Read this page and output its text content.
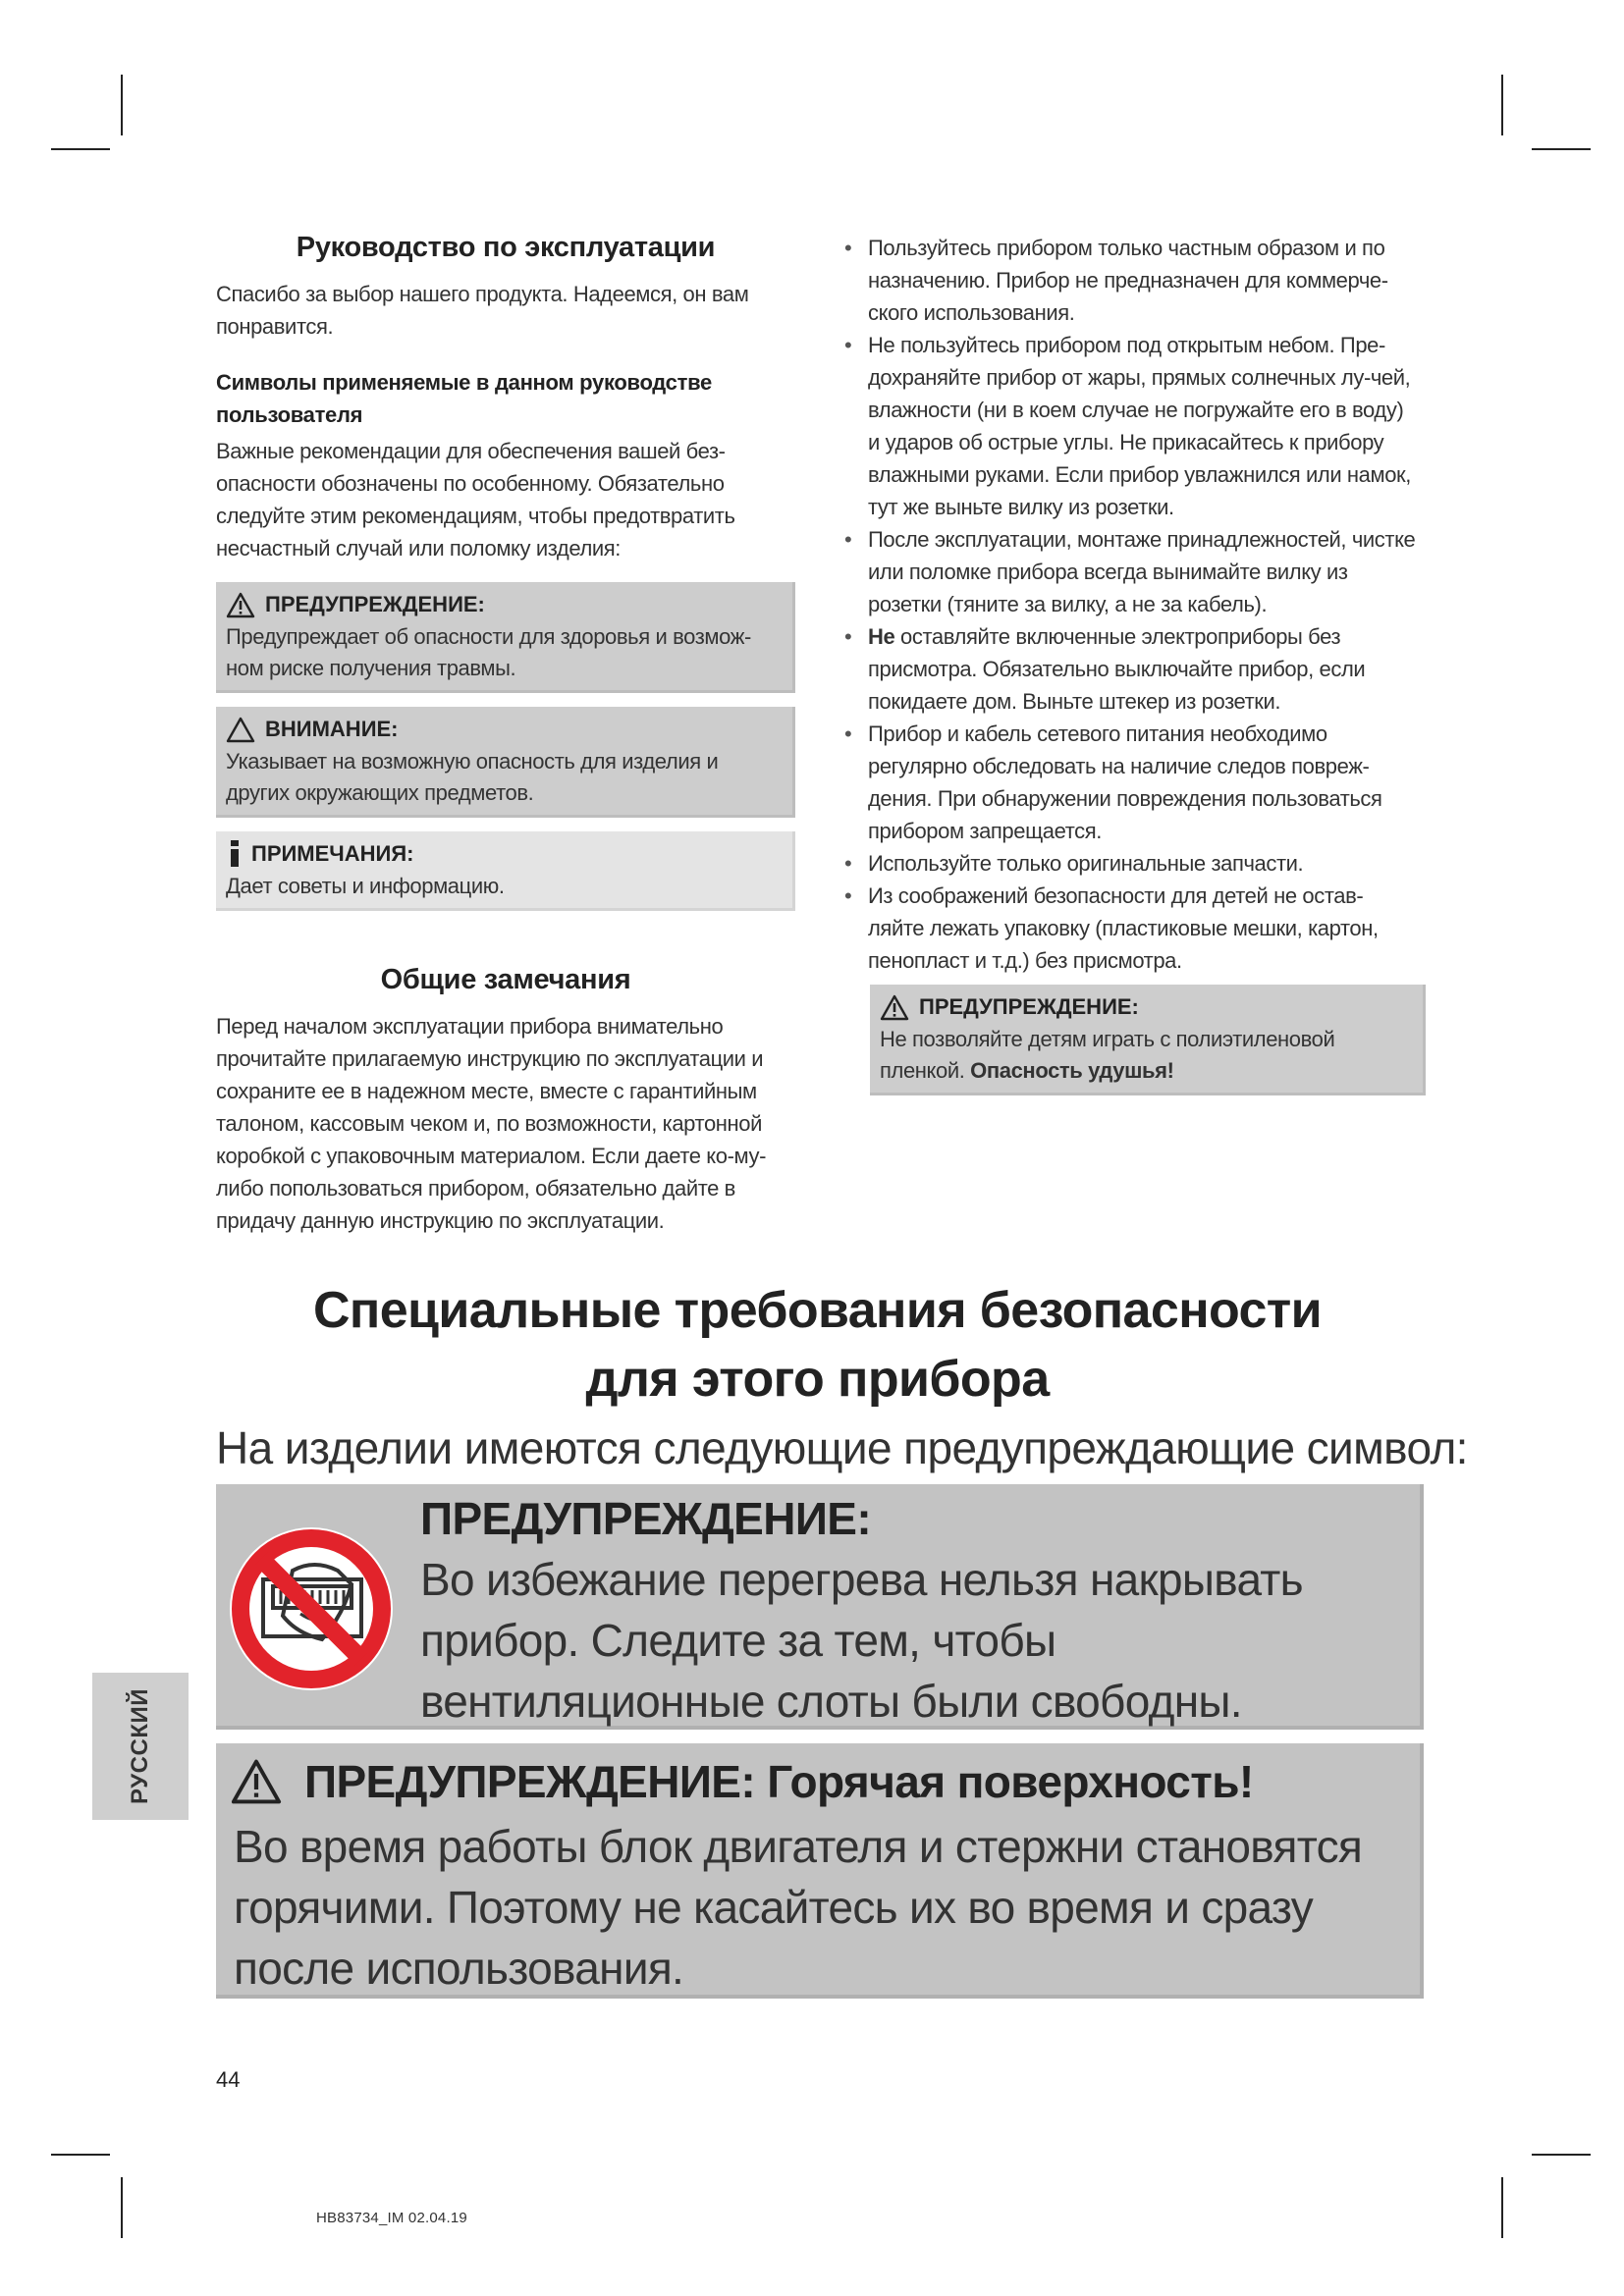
Руководство по эксплуатации

Спасибо за выбор нашего продукта. Надеемся, он вам понравится.

Символы применяемые в данном руководстве пользователя

Важные рекомендации для обеспечения вашей без-опасности обозначены по особенному. Обязательно следуйте этим рекомендациям, чтобы предотвратить несчастный случай или поломку изделия:

ПРЕДУПРЕЖДЕНИЕ:
Предупреждает об опасности для здоровья и возмож-ном риске получения травмы.
ВНИМАНИЕ:
Указывает на возможную опасность для изделия и других окружающих предметов.
ПРИМЕЧАНИЯ:
Дает советы и информацию.
Общие замечания

Перед началом эксплуатации прибора внимательно прочитайте прилагаемую инструкцию по эксплуатации и сохраните ее в надежном месте, вместе с гарантийным талоном, кассовым чеком и, по возможности, картонной коробкой с упаковочным материалом. Если даете ко-му-либо попользоваться прибором, обязательно дайте в придачу данную инструкцию по эксплуатации.

• Пользуйтесь прибором только частным образом и по назначению. Прибор не предназначен для коммерче-ского использования.
• Не пользуйтесь прибором под открытым небом. Пре-дохраняйте прибор от жары, прямых солнечных лу-чей, влажности (ни в коем случае не погружайте его в воду) и ударов об острые углы. Не прикасайтесь к прибору влажными руками. Если прибор увлажнился или намок, тут же выньте вилку из розетки.
• После эксплуатации, монтаже принадлежностей, чистке или поломке прибора всегда вынимайте вилку из розетки (тяните за вилку, а не за кабель).
• Не оставляйте включенные электроприборы без присмотра. Обязательно выключайте прибор, если покидаете дом. Выньте штекер из розетки.
• Прибор и кабель сетевого питания необходимо регулярно обследовать на наличие следов повреж-дения. При обнаружении повреждения пользоваться прибором запрещается.
• Используйте только оригинальные запчасти.
• Из соображений безопасности для детей не остав-ляйте лежать упаковку (пластиковые мешки, картон, пенопласт и т.д.) без присмотра.
ПРЕДУПРЕЖДЕНИЕ:
Не позволяйте детям играть с полиэтиленовой пленкой. Опасность удушья!
Специальные требования безопасности
для этого прибора
На изделии имеются следующие предупреждающие символ:
ПРЕДУПРЕЖДЕНИЕ:
Во избежание перегрева нельзя накрывать прибор. Следите за тем, чтобы вентиляционные слоты были свободны.
ПРЕДУПРЕЖДЕНИЕ: Горячая поверхность!
Во время работы блок двигателя и стержни становятся горячими. Поэтому не касайтесь их во время и сразу после использования.
РУССКИЙ
44
HB83734_IM 02.04.19
